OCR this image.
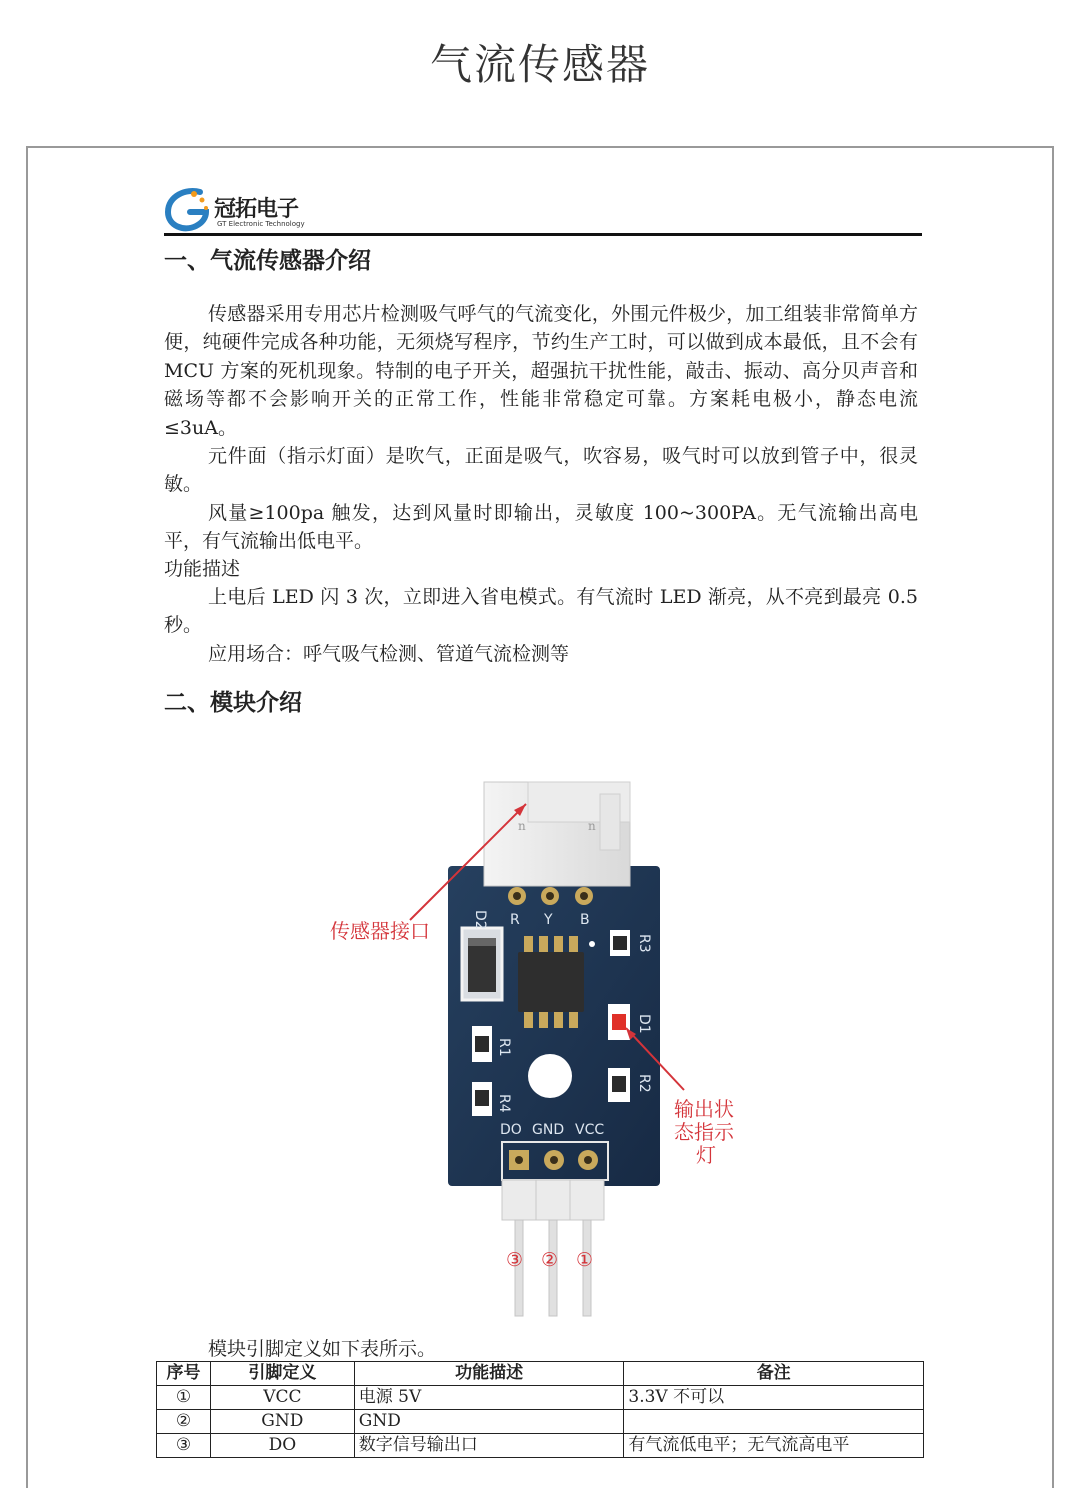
气流传感器
冠拓电子
GT Electronic Technology
一、气流传感器介绍

传感器采用专用芯片检测吸气呼气的气流变化，外围元件极少，加工组装非常简单方便，纯硬件完成各种功能，无须烧写程序，节约生产工时，可以做到成本最低，且不会有 MCU 方案的死机现象。特制的电子开关，超强抗干扰性能，敲击、振动、高分贝声音和磁场等都不会影响开关的正常工作，性能非常稳定可靠。方案耗电极小，静态电流≤3uA。

元件面（指示灯面）是吹气，正面是吸气，吹容易，吸气时可以放到管子中，很灵敏。

风量≥100pa 触发，达到风量时即输出，灵敏度 100~300PA。无气流输出高电平，有气流输出低电平。

功能描述

上电后 LED 闪 3 次，立即进入省电模式。有气流时 LED 渐亮，从不亮到最亮 0.5 秒。

应用场合：呼气吸气检测、管道气流检测等

二、模块介绍
n	n
R Y B
D2
R3
D1
R1
R2
R4
DO GND VCC
③ ② ①
传感器接口
输出状
态指示
灯
模块引脚定义如下表所示。
序号	引脚定义	功能描述	备注
①	VCC	电源 5V	3.3V 不可以
②	GND	GND	
③	DO	数字信号输出口	有气流低电平；无气流高电平
